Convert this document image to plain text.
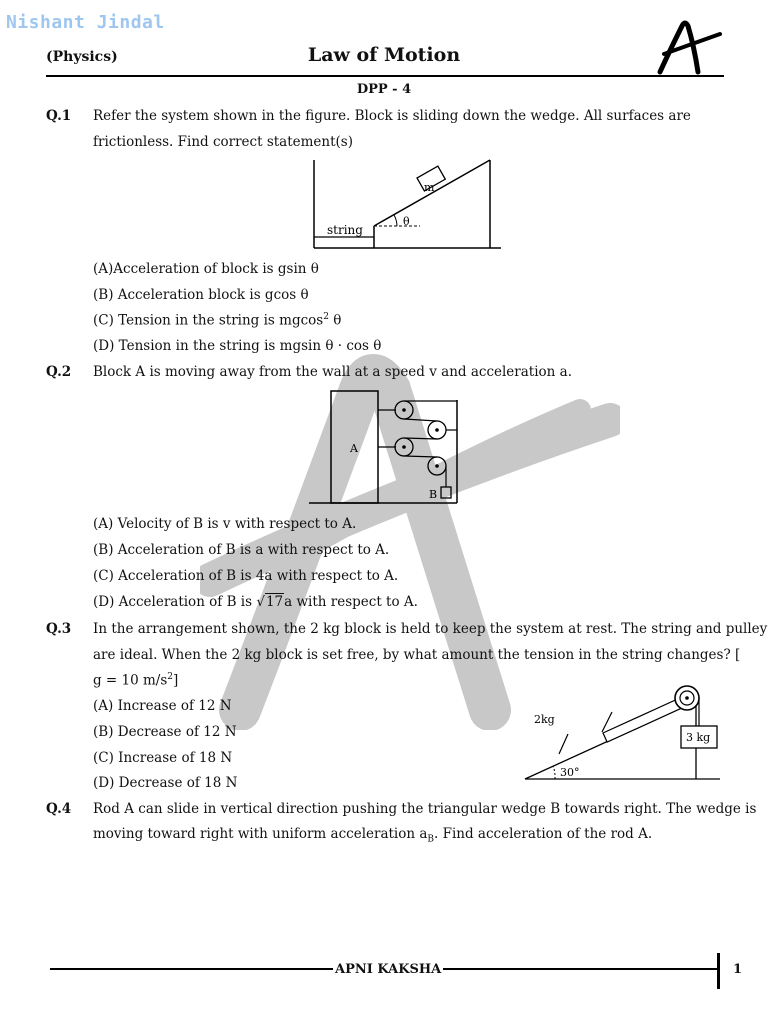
Nishant Jindal
(Physics)	Law of Motion
DPP - 4
Q.1 Refer the system shown in the figure. Block is sliding down the wedge. All surfaces are
frictionless. Find correct statement(s)
m
θ
string
(A)Acceleration of block is gsin θ
(B) Acceleration block is gcos θ
(C) Tension in the string is mgcos$^2$ θ
(D) Tension in the string is mgsin θ · cos θ
Q.2 Block A is moving away from the wall at a speed v and acceleration a.
A
B
(A) Velocity of B is v with respect to A.
(B) Acceleration of B is a with respect to A.
(C) Acceleration of B is 4a with respect to A.
(D) Acceleration of B is √17a with respect to A.
Q.3 In the arrangement shown, the 2 kg block is held to keep the system at rest. The string and pulley
are ideal. When the 2 kg block is set free, by what amount the tension in the string changes? [
g = 10 $m/s^2$]
(A) Increase of 12 N
(B) Decrease of 12 N
(C) Increase of 18 N
(D) Decrease of 18 N
2kg
3 kg
30°
Q.4 Rod A can slide in vertical direction pushing the triangular wedge B towards right. The wedge is
moving toward right with uniform acceleration $a_B$. Find acceleration of the rod A.
APNI KAKSHA	1
